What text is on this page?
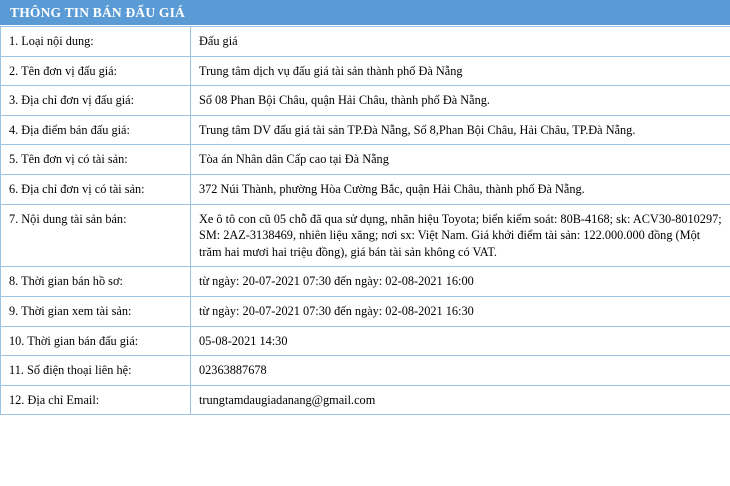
THÔNG TIN BÁN ĐẤU GIÁ
1. Loại nội dung:	Đấu giá
2. Tên đơn vị đấu giá:	Trung tâm dịch vụ đấu giá tài sản thành phố Đà Nẵng
3. Địa chỉ đơn vị đấu giá:	Số 08 Phan Bội Châu, quận Hải Châu, thành phố Đà Nẵng.
4. Địa điểm bán đấu giá:	Trung tâm DV đấu giá tài sản TP.Đà Nẵng, Số 8,Phan Bội Châu, Hải Châu, TP.Đà Nẵng.
5. Tên đơn vị có tài sản:	Tòa án Nhân dân Cấp cao tại Đà Nẵng
6. Địa chỉ đơn vị có tài sản:	372 Núi Thành, phường Hòa Cường Bắc, quận Hải Châu, thành phố Đà Nẵng.
7. Nội dung tài sản bán:	Xe ô tô con cũ 05 chỗ đã qua sử dụng, nhãn hiệu Toyota; biển kiểm soát: 80B-4168; sk: ACV30-8010297; SM: 2AZ-3138469, nhiên liệu xăng; nơi sx: Việt Nam. Giá khởi điểm tài sản: 122.000.000 đồng (Một trăm hai mươi hai triệu đồng), giá bán tài sản không có VAT.
8. Thời gian bán hồ sơ:	từ ngày: 20-07-2021 07:30 đến ngày: 02-08-2021 16:00
9. Thời gian xem tài sản:	từ ngày: 20-07-2021 07:30 đến ngày: 02-08-2021 16:30
10. Thời gian bán đấu giá:	05-08-2021 14:30
11. Số điện thoại liên hệ:	02363887678
12. Địa chỉ Email:	trungtamdaugiadanang@gmail.com
